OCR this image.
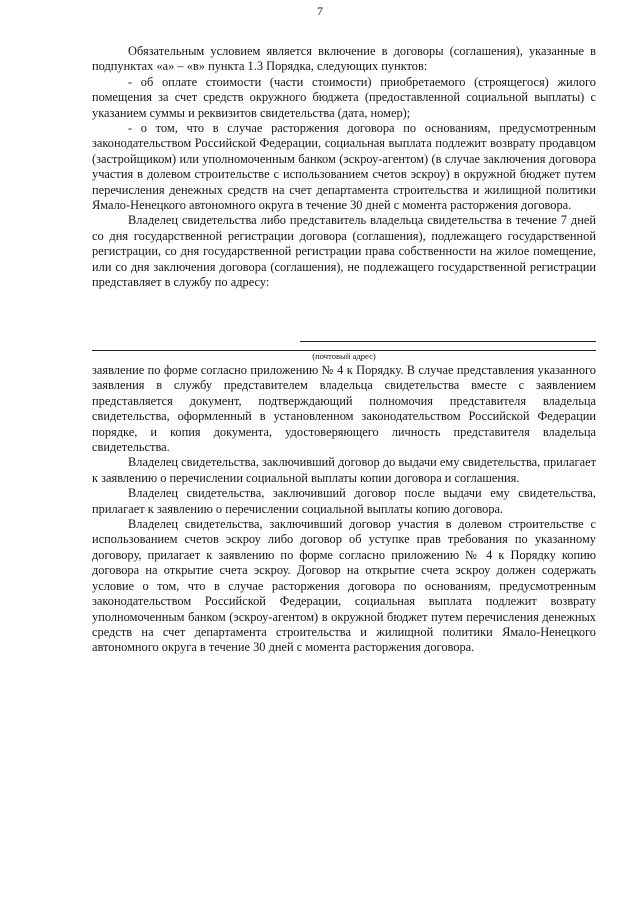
7

Обязательным условием является включение в договоры (соглашения), указанные в подпунктах «а» – «в» пункта 1.3 Порядка, следующих пунктов:

- об оплате стоимости (части стоимости) приобретаемого (строящегося) жилого помещения за счет средств окружного бюджета (предоставленной социальной выплаты) с указанием суммы и реквизитов свидетельства (дата, номер);

- о том, что в случае расторжения договора по основаниям, предусмотренным законодательством Российской Федерации, социальная выплата подлежит возврату продавцом (застройщиком) или уполномоченным банком (эскроу-агентом) (в случае заключения договора участия в долевом строительстве с использованием счетов эскроу) в окружной бюджет путем перечисления денежных средств на счет департамента строительства и жилищной политики Ямало-Ненецкого автономного округа в течение 30 дней с момента расторжения договора.

Владелец свидетельства либо представитель владельца свидетельства в течение 7 дней со дня государственной регистрации договора (соглашения), подлежащего государственной регистрации, со дня государственной регистрации права собственности на жилое помещение, или со дня заключения договора (соглашения), не подлежащего государственной регистрации представляет в службу по адресу:

(почтовый адрес)

заявление по форме согласно приложению № 4 к Порядку. В случае представления указанного заявления в службу представителем владельца свидетельства вместе с заявлением представляется документ, подтверждающий полномочия представителя владельца свидетельства, оформленный в установленном законодательством Российской Федерации порядке, и копия документа, удостоверяющего личность представителя владельца свидетельства.

Владелец свидетельства, заключивший договор до выдачи ему свидетельства, прилагает к заявлению о перечислении социальной выплаты копии договора и соглашения.

Владелец свидетельства, заключивший договор после выдачи ему свидетельства, прилагает к заявлению о перечислении социальной выплаты копию договора.

Владелец свидетельства, заключивший договор участия в долевом строительстве с использованием счетов эскроу либо договор об уступке прав требования по указанному договору, прилагает к заявлению по форме согласно приложению № 4 к Порядку копию договора на открытие счета эскроу. Договор на открытие счета эскроу должен содержать условие о том, что в случае расторжения договора по основаниям, предусмотренным законодательством Российской Федерации, социальная выплата подлежит возврату уполномоченным банком (эскроу-агентом) в окружной бюджет путем перечисления денежных средств на счет департамента строительства и жилищной политики Ямало-Ненецкого автономного округа в течение 30 дней с момента расторжения договора.
